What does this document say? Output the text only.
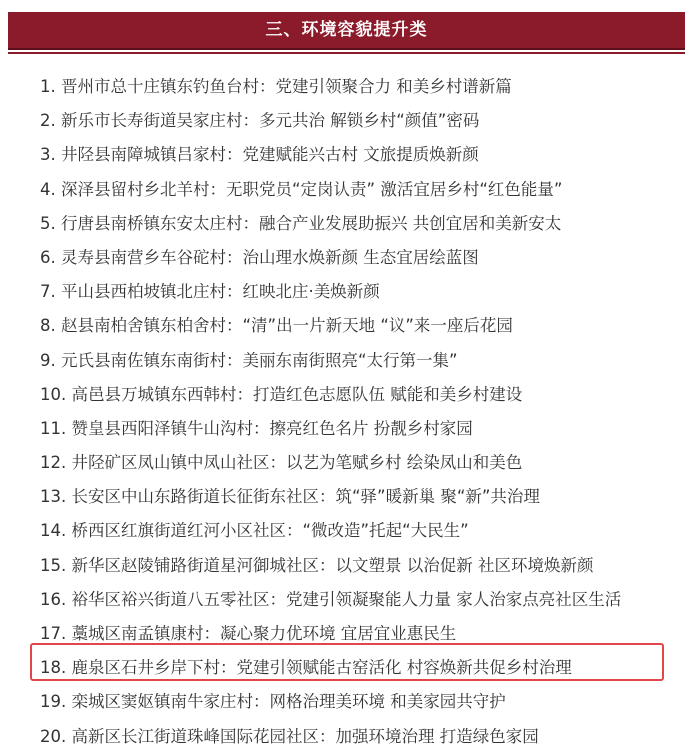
三、环境容貌提升类
1. 晋州市总十庄镇东钓鱼台村：党建引领聚合力 和美乡村谱新篇
2. 新乐市长寿街道吴家庄村：多元共治 解锁乡村“颜值”密码
3. 井陉县南障城镇吕家村：党建赋能兴古村 文旅提质焕新颜
4. 深泽县留村乡北羊村：无职党员“定岗认责” 激活宜居乡村“红色能量”
5. 行唐县南桥镇东安太庄村：融合产业发展助振兴 共创宜居和美新安太
6. 灵寿县南营乡车谷砣村：治山理水焕新颜 生态宜居绘蓝图
7. 平山县西柏坡镇北庄村：红映北庄·美焕新颜
8. 赵县南柏舍镇东柏舍村：“清”出一片新天地 “议”来一座后花园
9. 元氏县南佐镇东南街村：美丽东南街照亮“太行第一集”
10. 高邑县万城镇东西韩村：打造红色志愿队伍 赋能和美乡村建设
11. 赞皇县西阳泽镇牛山沟村：擦亮红色名片 扮靓乡村家园
12. 井陉矿区凤山镇中凤山社区：以艺为笔赋乡村 绘染凤山和美色
13. 长安区中山东路街道长征街东社区：筑“驿”暖新巢 聚“新”共治理
14. 桥西区红旗街道红河小区社区：“微改造”托起“大民生”
15. 新华区赵陵铺路街道星河御城社区：以文塑景 以治促新 社区环境焕新颜
16. 裕华区裕兴街道八五零社区：党建引领凝聚能人力量 家人治家点亮社区生活
17. 藁城区南孟镇康村：凝心聚力优环境 宜居宜业惠民生
18. 鹿泉区石井乡岸下村：党建引领赋能古窑活化 村容焕新共促乡村治理
19. 栾城区窦妪镇南牛家庄村：网格治理美环境 和美家园共守护
20. 高新区长江街道珠峰国际花园社区：加强环境治理 打造绿色家园
